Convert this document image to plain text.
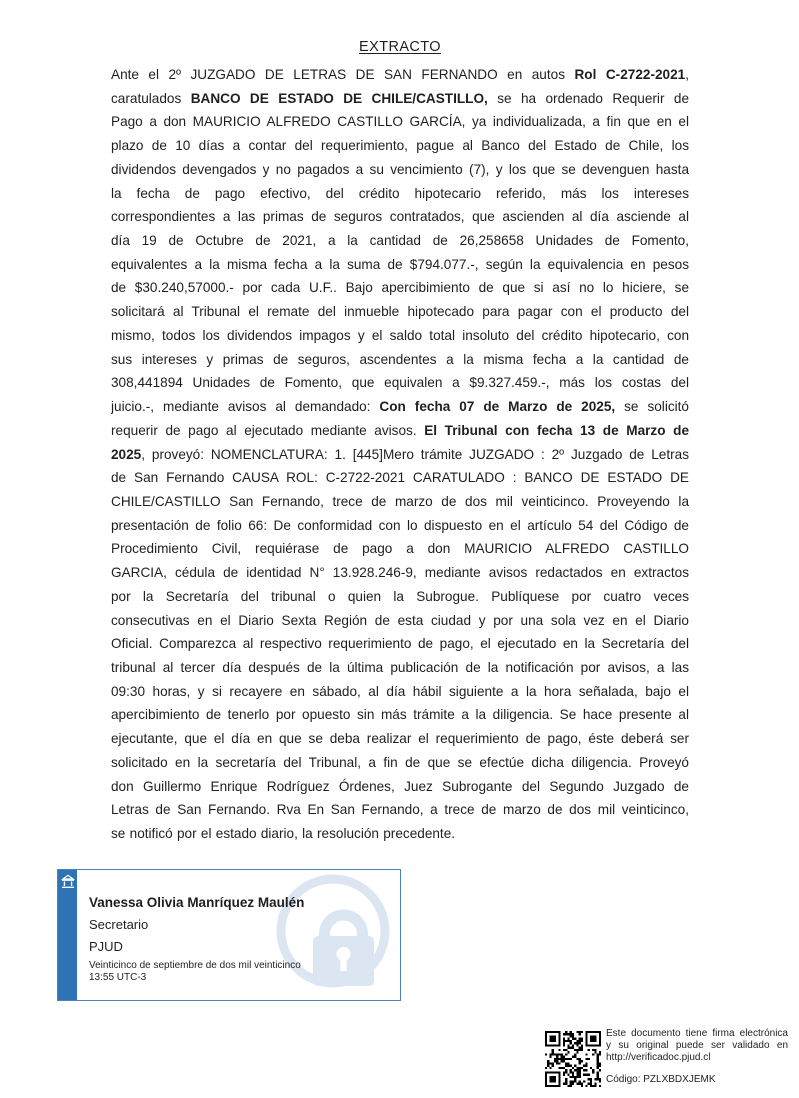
EXTRACTO
Ante el 2º JUZGADO DE LETRAS DE SAN FERNANDO en autos Rol C-2722-2021,
caratulados BANCO DE ESTADO DE CHILE/CASTILLO, se ha ordenado Requerir de
Pago a don MAURICIO ALFREDO CASTILLO GARCÍA, ya individualizada, a fin que en el
plazo de 10 días a contar del requerimiento, pague al Banco del Estado de Chile, los
dividendos devengados y no pagados a su vencimiento (7), y los que se devenguen hasta
la fecha de pago efectivo, del crédito hipotecario referido, más los intereses
correspondientes a las primas de seguros contratados, que ascienden al día asciende al
día 19 de Octubre de 2021, a la cantidad de 26,258658 Unidades de Fomento,
equivalentes a la misma fecha a la suma de $794.077.-, según la equivalencia en pesos
de $30.240,57000.- por cada U.F.. Bajo apercibimiento de que si así no lo hiciere, se
solicitará al Tribunal el remate del inmueble hipotecado para pagar con el producto del
mismo, todos los dividendos impagos y el saldo total insoluto del crédito hipotecario, con
sus intereses y primas de seguros, ascendentes a la misma fecha a la cantidad de
308,441894 Unidades de Fomento, que equivalen a $9.327.459.-, más los costas del
juicio.-, mediante avisos al demandado: Con fecha 07 de Marzo de 2025, se solicitó
requerir de pago al ejecutado mediante avisos. El Tribunal con fecha 13 de Marzo de
2025, proveyó: NOMENCLATURA: 1. [445]Mero trámite JUZGADO : 2º Juzgado de Letras
de San Fernando CAUSA ROL: C-2722-2021 CARATULADO : BANCO DE ESTADO DE
CHILE/CASTILLO San Fernando, trece de marzo de dos mil veinticinco. Proveyendo la
presentación de folio 66: De conformidad con lo dispuesto en el artículo 54 del Código de
Procedimiento Civil, requiérase de pago a don MAURICIO ALFREDO CASTILLO
GARCIA, cédula de identidad N° 13.928.246-9, mediante avisos redactados en extractos
por la Secretaría del tribunal o quien la Subrogue. Publíquese por cuatro veces
consecutivas en el Diario Sexta Región de esta ciudad y por una sola vez en el Diario
Oficial. Comparezca al respectivo requerimiento de pago, el ejecutado en la Secretaría del
tribunal al tercer día después de la última publicación de la notificación por avisos, a las
09:30 horas, y si recayere en sábado, al día hábil siguiente a la hora señalada, bajo el
apercibimiento de tenerlo por opuesto sin más trámite a la diligencia. Se hace presente al
ejecutante, que el día en que se deba realizar el requerimiento de pago, éste deberá ser
solicitado en la secretaría del Tribunal, a fin de que se efectúe dicha diligencia. Proveyó
don Guillermo Enrique Rodríguez Órdenes, Juez Subrogante del Segundo Juzgado de
Letras de San Fernando. Rva En San Fernando, a trece de marzo de dos mil veinticinco,
se notificó por el estado diario, la resolución precedente.
Vanessa Olivia Manríquez Maulén
Secretario
PJUD
Veinticinco de septiembre de dos mil veinticinco
13:55 UTC-3
Este documento tiene firma electrónica
y su original puede ser validado en
http://verificadoc.pjud.cl
Código: PZLXBDXJEMK
